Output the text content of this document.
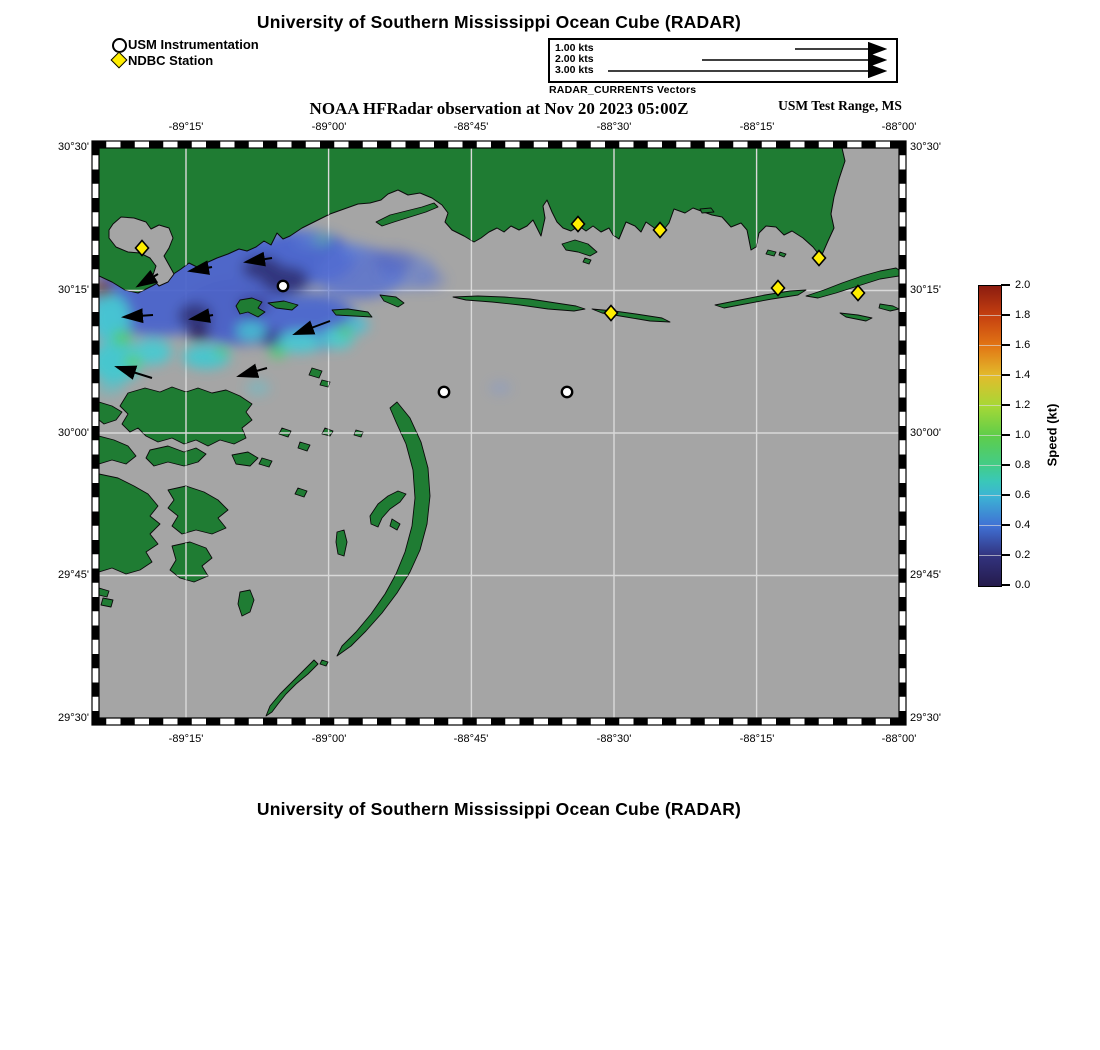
University of Southern Mississippi Ocean Cube (RADAR)
USM Instrumentation
NDBC Station
1.00 kts
2.00 kts
3.00 kts
RADAR_CURRENTS Vectors
NOAA HFRadar observation at Nov 20 2023 05:00Z	USM Test Range, MS
-89°15'	-89°00'	-88°45'	-88°30'	-88°15'	-88°00'
-89°15'	-89°00'	-88°45'	-88°30'	-88°15'	-88°00'
30°30'
30°15'
30°00'
29°45'
29°30'
30°30'
30°15'
30°00'
29°45'
29°30'
2.0
1.8
1.6
1.4
1.2
1.0
0.8
0.6
0.4
0.2
0.0
Speed (kt)
University of Southern Mississippi Ocean Cube (RADAR)
